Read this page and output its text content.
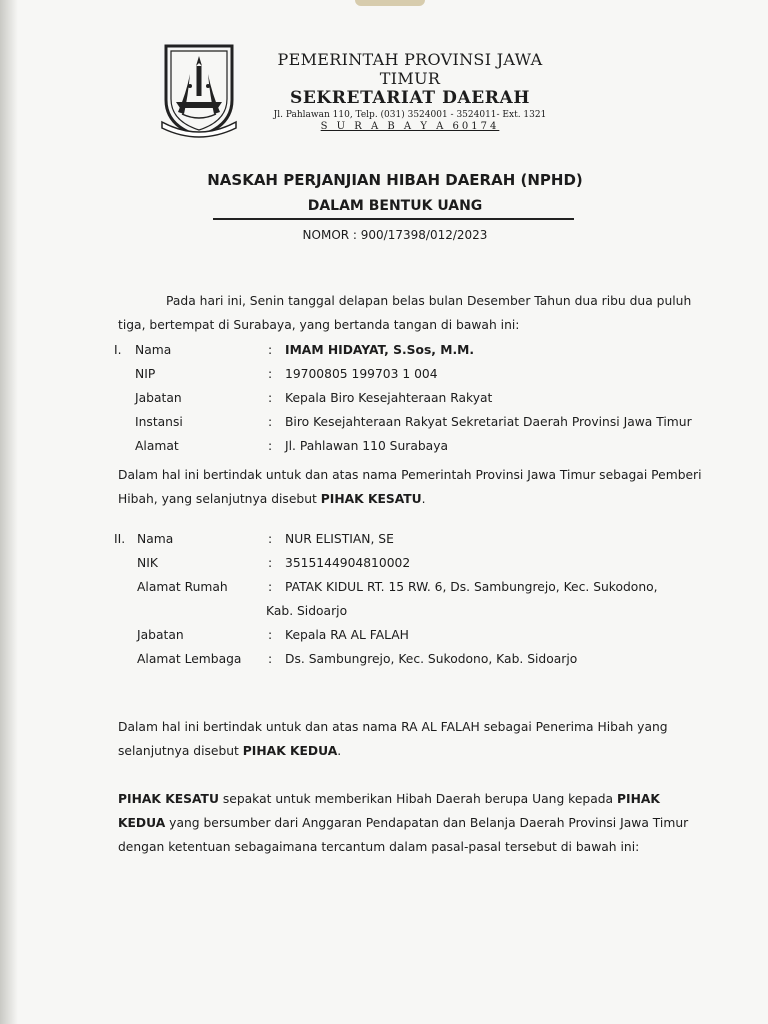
PEMERINTAH PROVINSI JAWA TIMUR
SEKRETARIAT DAERAH
Jl. Pahlawan 110, Telp. (031) 3524001 - 3524011- Ext. 1321
S U R A B A Y A 60174
NASKAH PERJANJIAN HIBAH DAERAH (NPHD)
DALAM BENTUK UANG
NOMOR : 900/17398/012/2023
Pada hari ini, Senin tanggal delapan belas bulan Desember Tahun dua ribu dua puluh
tiga, bertempat di Surabaya, yang bertanda tangan di bawah ini:
I. Nama	: IMAM HIDAYAT, S.Sos, M.M.
NIP	: 19700805 199703 1 004
Jabatan	: Kepala Biro Kesejahteraan Rakyat
Instansi	: Biro Kesejahteraan Rakyat Sekretariat Daerah Provinsi Jawa Timur
Alamat	: Jl. Pahlawan 110 Surabaya
Dalam hal ini bertindak untuk dan atas nama Pemerintah Provinsi Jawa Timur sebagai Pemberi
Hibah, yang selanjutnya disebut PIHAK KESATU.
II. Nama	: NUR ELISTIAN, SE
NIK	: 3515144904810002
Alamat Rumah	: PATAK KIDUL RT. 15 RW. 6, Ds. Sambungrejo, Kec. Sukodono,
Kab. Sidoarjo
Jabatan	: Kepala RA AL FALAH
Alamat Lembaga : Ds. Sambungrejo, Kec. Sukodono, Kab. Sidoarjo
Dalam hal ini bertindak untuk dan atas nama RA AL FALAH sebagai Penerima Hibah yang
selanjutnya disebut PIHAK KEDUA.
PIHAK KESATU sepakat untuk memberikan Hibah Daerah berupa Uang kepada PIHAK
KEDUA yang bersumber dari Anggaran Pendapatan dan Belanja Daerah Provinsi Jawa Timur
dengan ketentuan sebagaimana tercantum dalam pasal-pasal tersebut di bawah ini:
